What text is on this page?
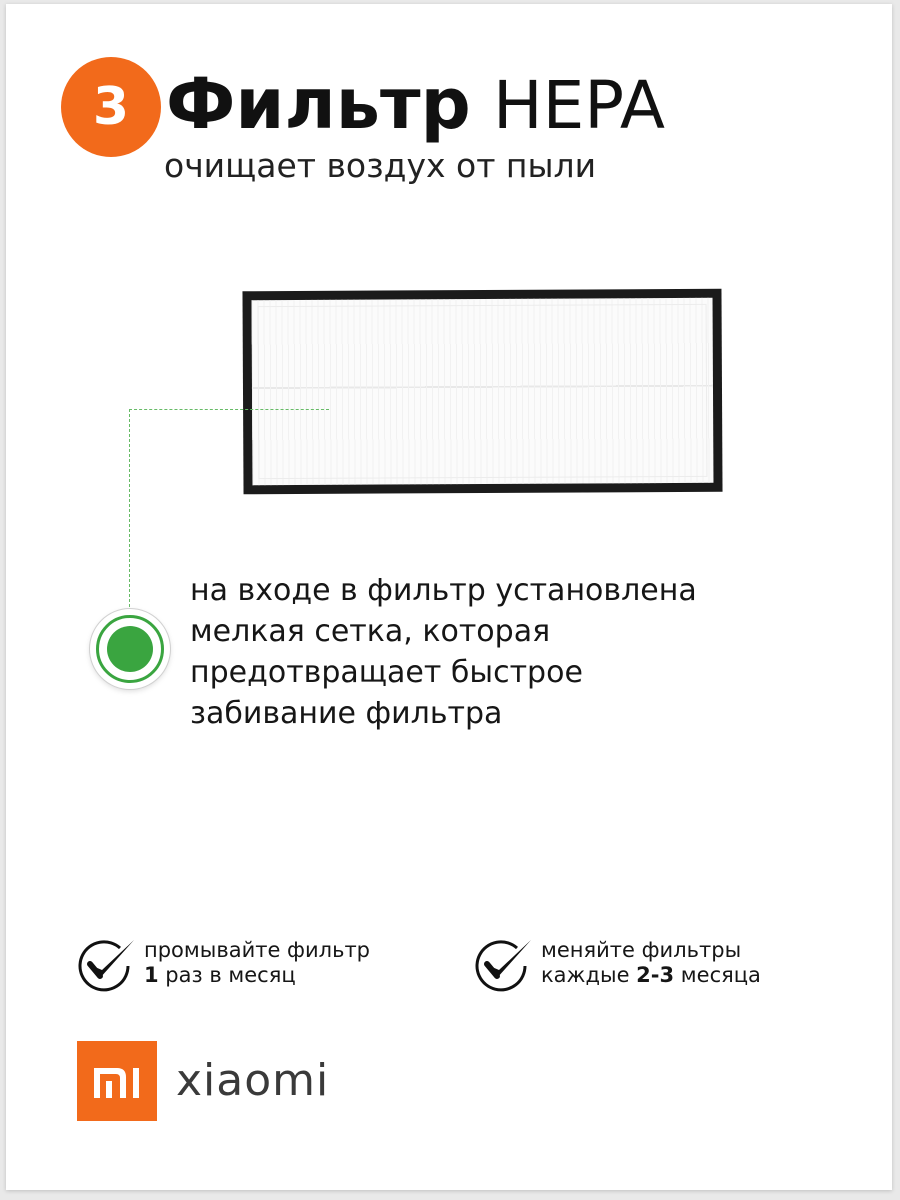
3 Фильтр HEPA
очищает воздух от пыли
на входе в фильтр установлена
мелкая сетка, которая
предотвращает быстрое
забивание фильтра
промывайте фильтр
1 раз в месяц
меняйте фильтры
каждые 2-3 месяца
xiaomi
